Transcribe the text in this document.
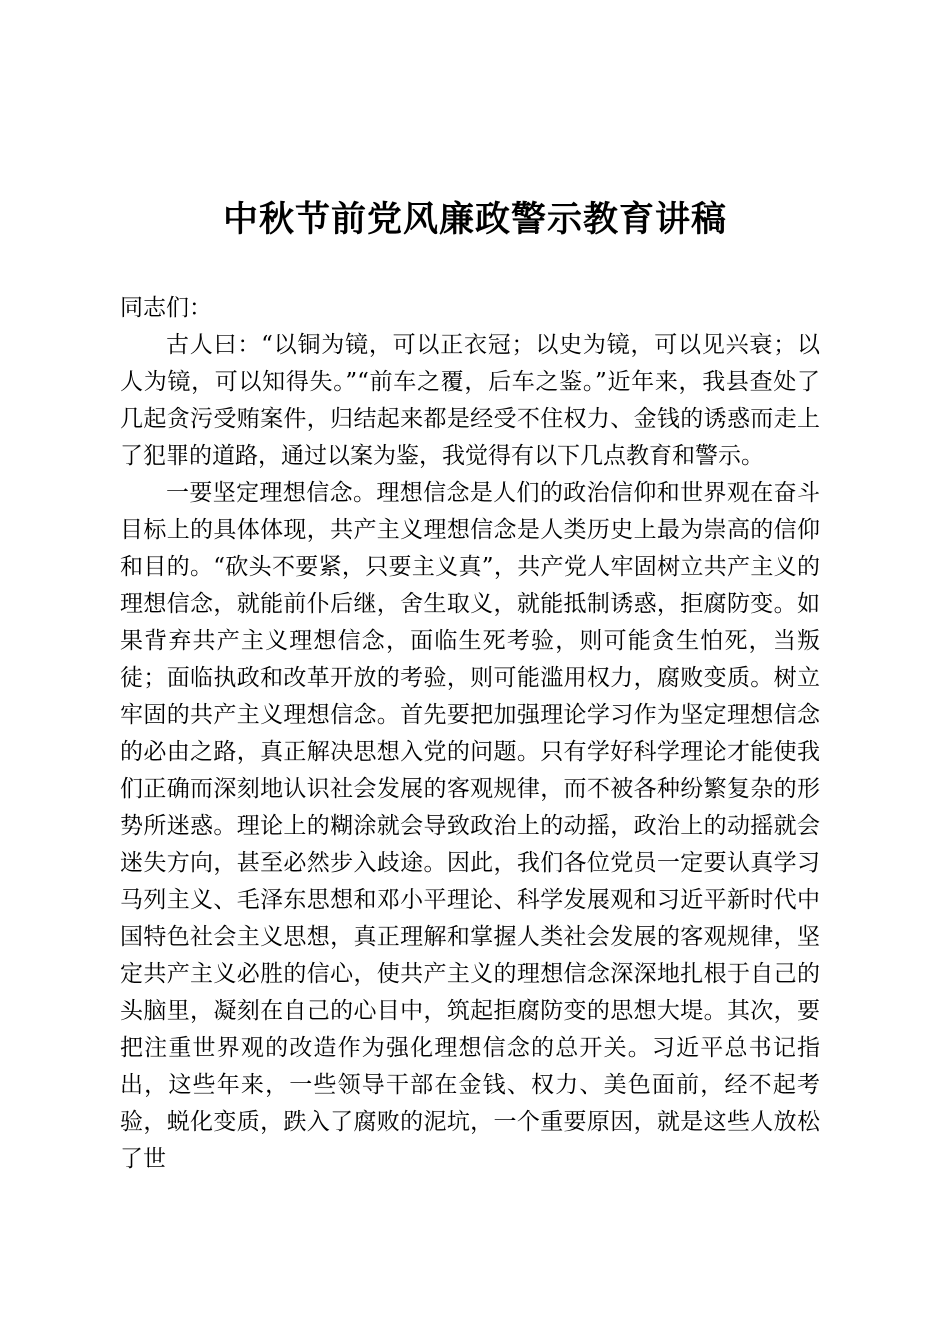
中秋节前党风廉政警示教育讲稿

同志们：

古人曰：“以铜为镜，可以正衣冠；以史为镜，可以见兴衰；以人为镜，可以知得失。”“前车之覆，后车之鉴。”近年来，我县查处了几起贪污受贿案件，归结起来都是经受不住权力、金钱的诱惑而走上了犯罪的道路，通过以案为鉴，我觉得有以下几点教育和警示。

一要坚定理想信念。理想信念是人们的政治信仰和世界观在奋斗目标上的具体体现，共产主义理想信念是人类历史上最为崇高的信仰和目的。“砍头不要紧，只要主义真”，共产党人牢固树立共产主义的理想信念，就能前仆后继，舍生取义，就能抵制诱惑，拒腐防变。如果背弃共产主义理想信念，面临生死考验，则可能贪生怕死，当叛徒；面临执政和改革开放的考验，则可能滥用权力，腐败变质。树立牢固的共产主义理想信念。首先要把加强理论学习作为坚定理想信念的必由之路，真正解决思想入党的问题。只有学好科学理论才能使我们正确而深刻地认识社会发展的客观规律，而不被各种纷繁复杂的形势所迷惑。理论上的糊涂就会导致政治上的动摇，政治上的动摇就会迷失方向，甚至必然步入歧途。因此，我们各位党员一定要认真学习马列主义、毛泽东思想和邓小平理论、科学发展观和习近平新时代中国特色社会主义思想，真正理解和掌握人类社会发展的客观规律，坚定共产主义必胜的信心，使共产主义的理想信念深深地扎根于自己的头脑里，凝刻在自己的心目中，筑起拒腐防变的思想大堤。其次，要把注重世界观的改造作为强化理想信念的总开关。习近平总书记指出，这些年来，一些领导干部在金钱、权力、美色面前，经不起考验，蜕化变质，跌入了腐败的泥坑，一个重要原因，就是这些人放松了世
